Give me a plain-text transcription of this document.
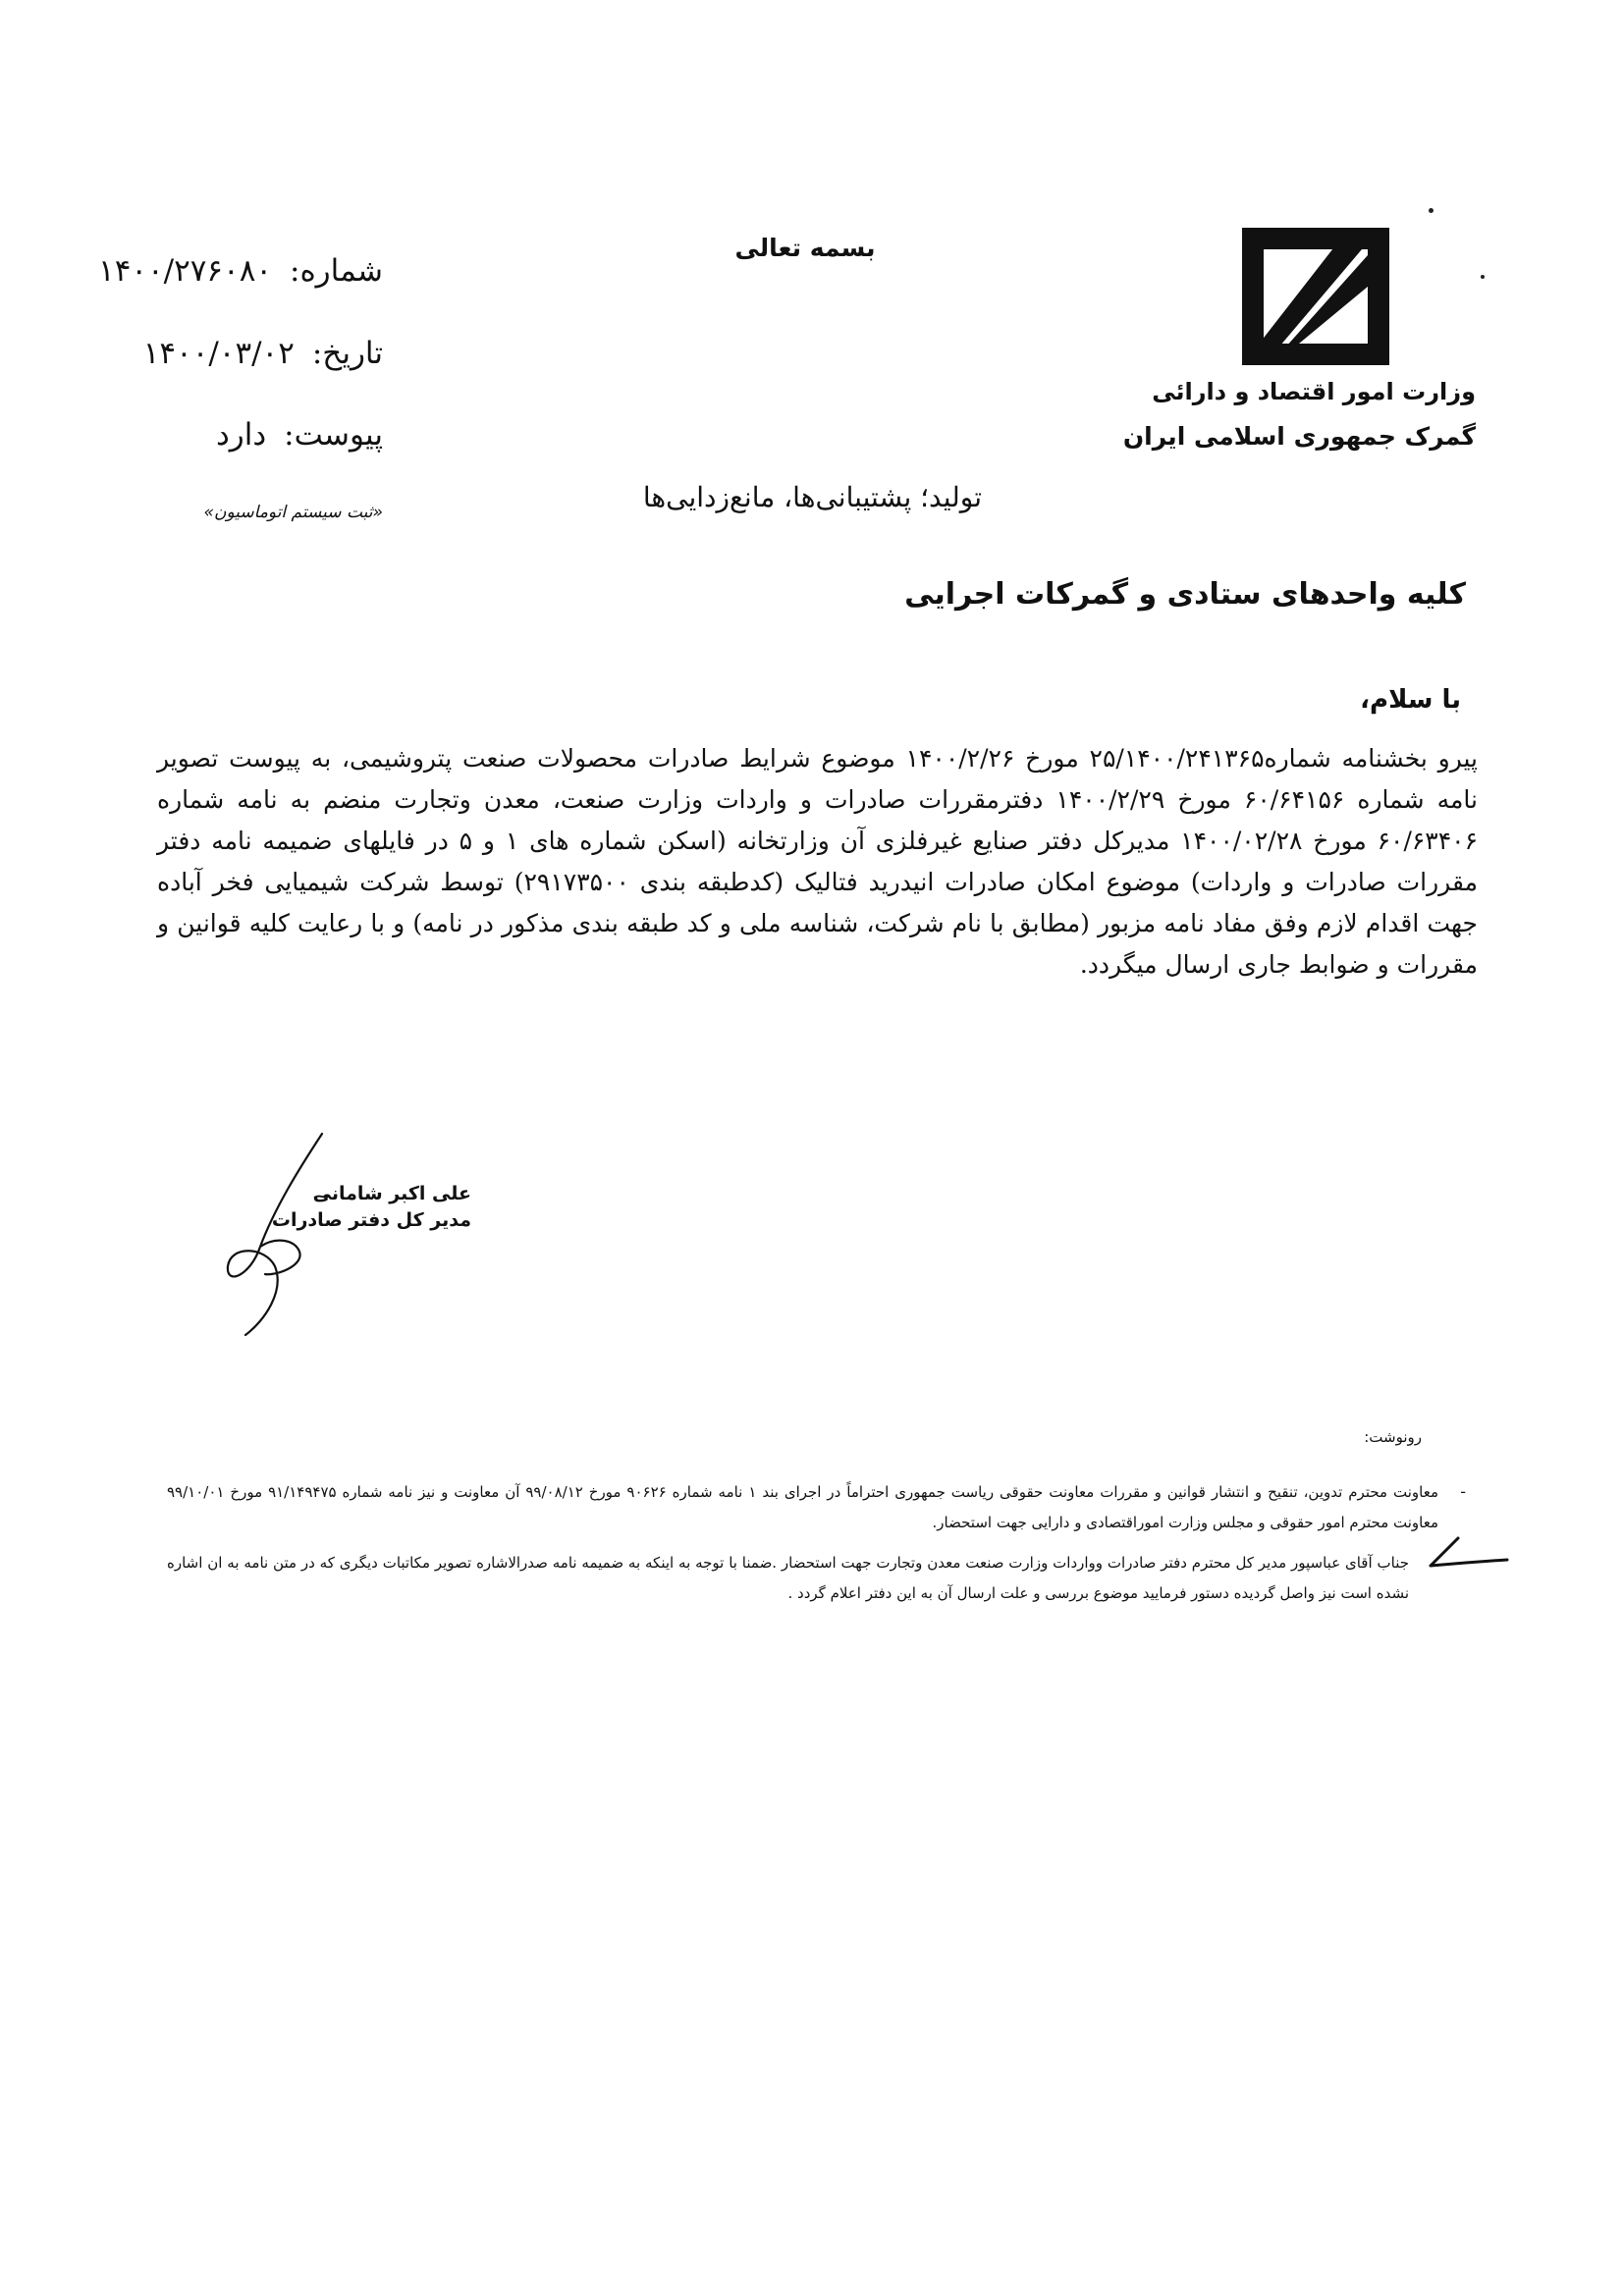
وزارت امور اقتصاد و دارائی
گمرک جمهوری اسلامی ایران
بسمه تعالی
شماره:
۱۴۰۰/۲۷۶۰۸۰
تاریخ:
۱۴۰۰/۰۳/۰۲
پیوست:
دارد
«ثبت سیستم اتوماسیون»	تولید؛ پشتیبانی‌ها، مانع‌زدایی‌ها
کلیه واحدهای ستادی و گمرکات اجرایی
با سلام،
پیرو بخشنامه شماره۲۵/۱۴۰۰/۲۴۱۳۶۵ مورخ ۱۴۰۰/۲/۲۶ موضوع شرایط صادرات محصولات صنعت پتروشیمی، به پیوست تصویر نامه شماره ۶۰/۶۴۱۵۶ مورخ ۱۴۰۰/۲/۲۹ دفترمقررات صادرات و واردات وزارت صنعت، معدن وتجارت منضم به نامه شماره ۶۰/۶۳۴۰۶ مورخ ۱۴۰۰/۰۲/۲۸ مدیرکل دفتر صنایع غیرفلزی آن وزارتخانه (اسکن شماره های ۱ و ۵ در فایلهای ضمیمه نامه دفتر مقررات صادرات و واردات) موضوع امکان صادرات انیدرید فتالیک (کدطبقه بندی ۲۹۱۷۳۵۰۰) توسط شرکت شیمیایی فخر آباده جهت اقدام لازم وفق مفاد نامه مزبور (مطابق با نام شرکت، شناسه ملی و کد طبقه بندی مذکور در نامه) و با رعایت کلیه قوانین و مقررات و ضوابط جاری ارسال میگردد.
علی اکبر شامانی
مدیر کل دفتر صادرات
رونوشت:
-
معاونت محترم تدوین، تنقیح و انتشار قوانین و مقررات معاونت حقوقی ریاست جمهوری احتراماً در اجرای بند ۱ نامه شماره ۹۰۶۲۶ مورخ ۹۹/۰۸/۱۲ آن معاونت و نیز نامه شماره ۹۱/۱۴۹۴۷۵ مورخ ۹۹/۱۰/۰۱ معاونت محترم امور حقوقی و مجلس وزارت اموراقتصادی و دارایی جهت استحضار.
جناب آقای عباسپور مدیر کل محترم دفتر صادرات وواردات وزارت صنعت معدن وتجارت جهت استحضار .ضمنا با توجه به اینکه به ضمیمه نامه صدرالاشاره تصویر مکاتبات دیگری که در متن نامه به ان اشاره نشده است نیز واصل گردیده دستور فرمایید موضوع بررسی و علت ارسال آن به این دفتر اعلام گردد .
